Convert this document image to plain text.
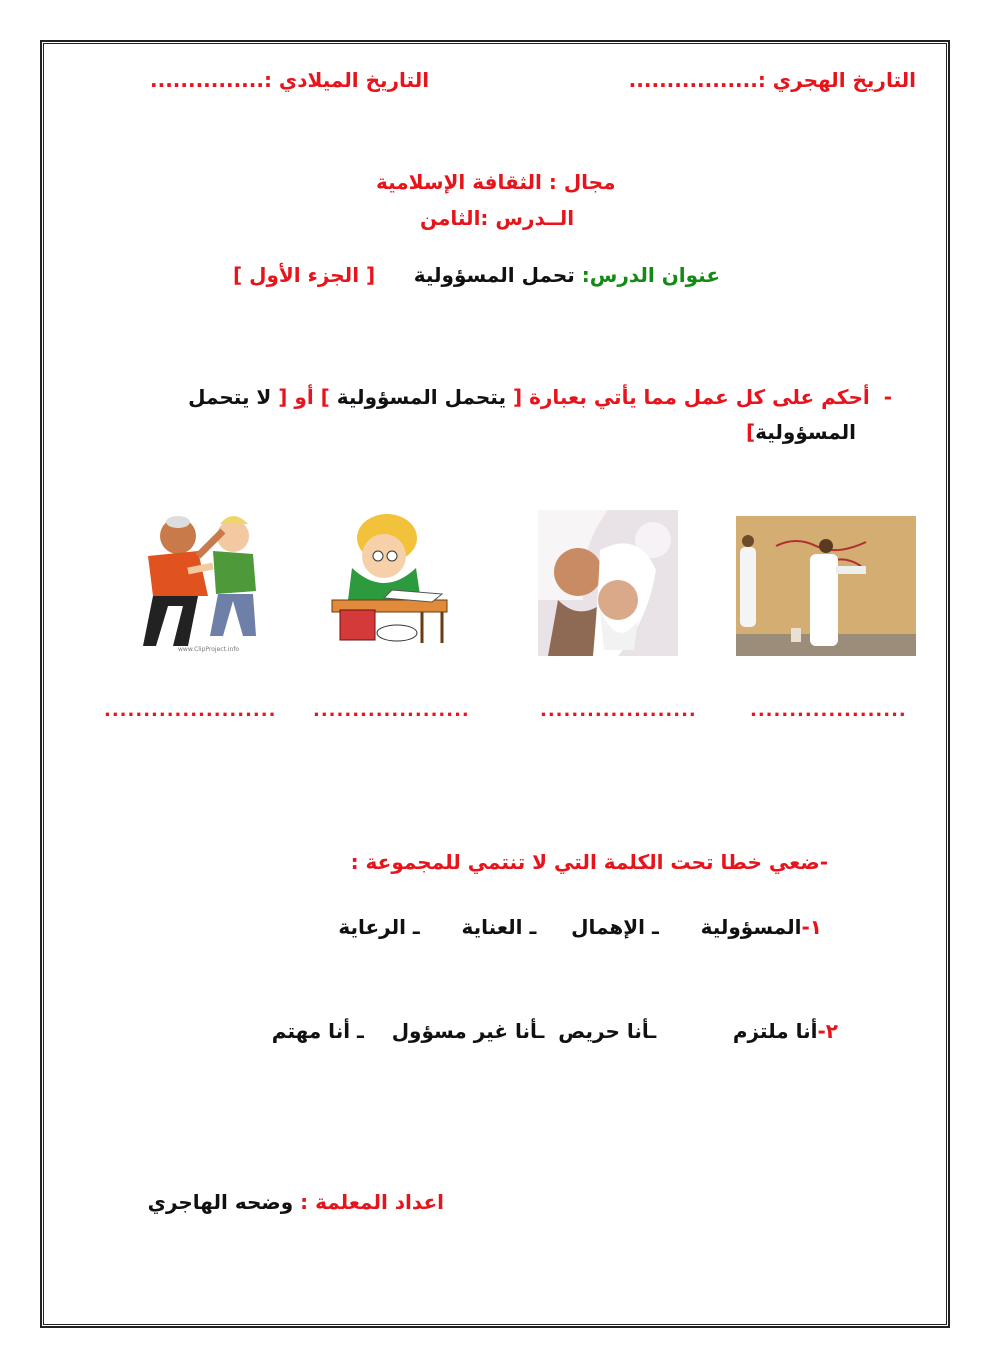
التاريخ الهجري :.................
التاريخ الميلادي :...............
مجال : الثقافة الإسلامية
الــدرس :الثامن
عنوان الدرس: تحمل المسؤولية
[ الجزء الأول ]
-  أحكم على كل عمل مما يأتي بعبارة [ يتحمل المسؤولية ] أو [ لا يتحمل
المسؤولية]
www.ClipProject.info
....................
....................
....................
......................
-ضعي خطا تحت الكلمة التي لا تنتمي للمجموعة :
١-المسؤولية      ـ الإهمال     ـ العناية      ـ الرعاية
٢-أنا ملتزم           ـأنا حريص  ـأنا غير مسؤول    ـ أنا مهتم
اعداد المعلمة : وضحه الهاجري
